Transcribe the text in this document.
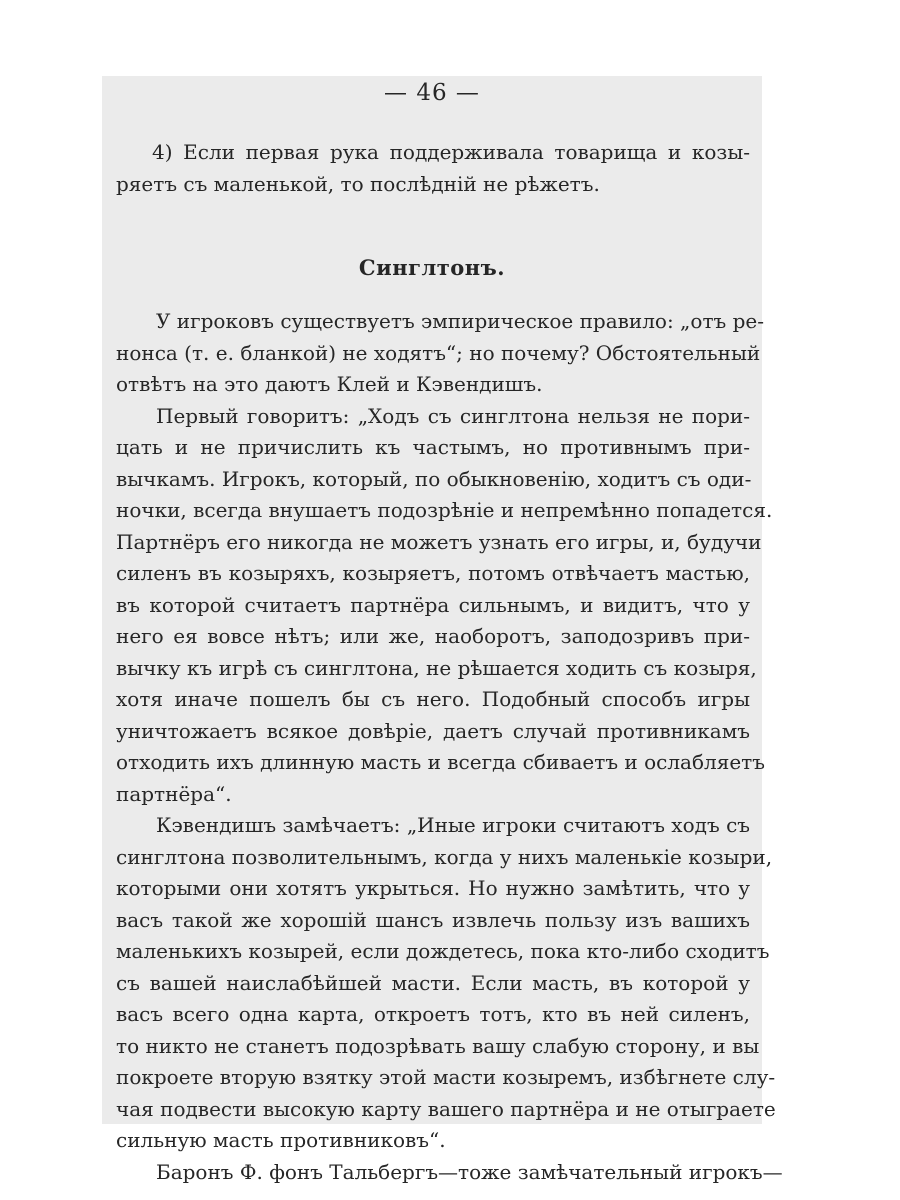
— 46 —
4) Если первая рука поддерживала товарища и козы-
ряетъ съ маленькой, то послѣдній не рѣжетъ.
Синглтонъ.
У игроковъ существуетъ эмпирическое правило: „отъ ре-
нонса (т. е. бланкой) не ходятъ“; но почему? Обстоятельный
отвѣтъ на это даютъ Клей и Кэвендишъ.
Первый говоритъ: „Ходъ съ синглтона нельзя не пори-
цать и не причислить къ частымъ, но противнымъ при-
вычкамъ. Игрокъ, который, по обыкновенію, ходитъ съ оди-
ночки, всегда внушаетъ подозрѣніе и непремѣнно попадется.
Партнёръ его никогда не можетъ узнать его игры, и, будучи
силенъ въ козыряхъ, козыряетъ, потомъ отвѣчаетъ мастью,
въ которой считаетъ партнёра сильнымъ, и видитъ, что у
него ея вовсе нѣтъ; или же, наоборотъ, заподозривъ при-
вычку къ игрѣ съ синглтона, не рѣшается ходить съ козыря,
хотя иначе пошелъ бы съ него. Подобный способъ игры
уничтожаетъ всякое довѣріе, даетъ случай противникамъ
отходить ихъ длинную масть и всегда сбиваетъ и ослабляетъ
партнёра“.
Кэвендишъ замѣчаетъ: „Иные игроки считаютъ ходъ съ
синглтона позволительнымъ, когда у нихъ маленькіе козыри,
которыми они хотятъ укрыться. Но нужно замѣтить, что у
васъ такой же хорошій шансъ извлечь пользу изъ вашихъ
маленькихъ козырей, если дождетесь, пока кто-либо сходитъ
съ вашей наислабѣйшей масти. Если масть, въ которой у
васъ всего одна карта, откроетъ тотъ, кто въ ней силенъ,
то никто не станетъ подозрѣвать вашу слабую сторону, и вы
покроете вторую взятку этой масти козыремъ, избѣгнете слу-
чая подвести высокую карту вашего партнёра и не отыграете
сильную масть противниковъ“.
Баронъ Ф. фонъ Тальбергъ—тоже замѣчательный игрокъ—
